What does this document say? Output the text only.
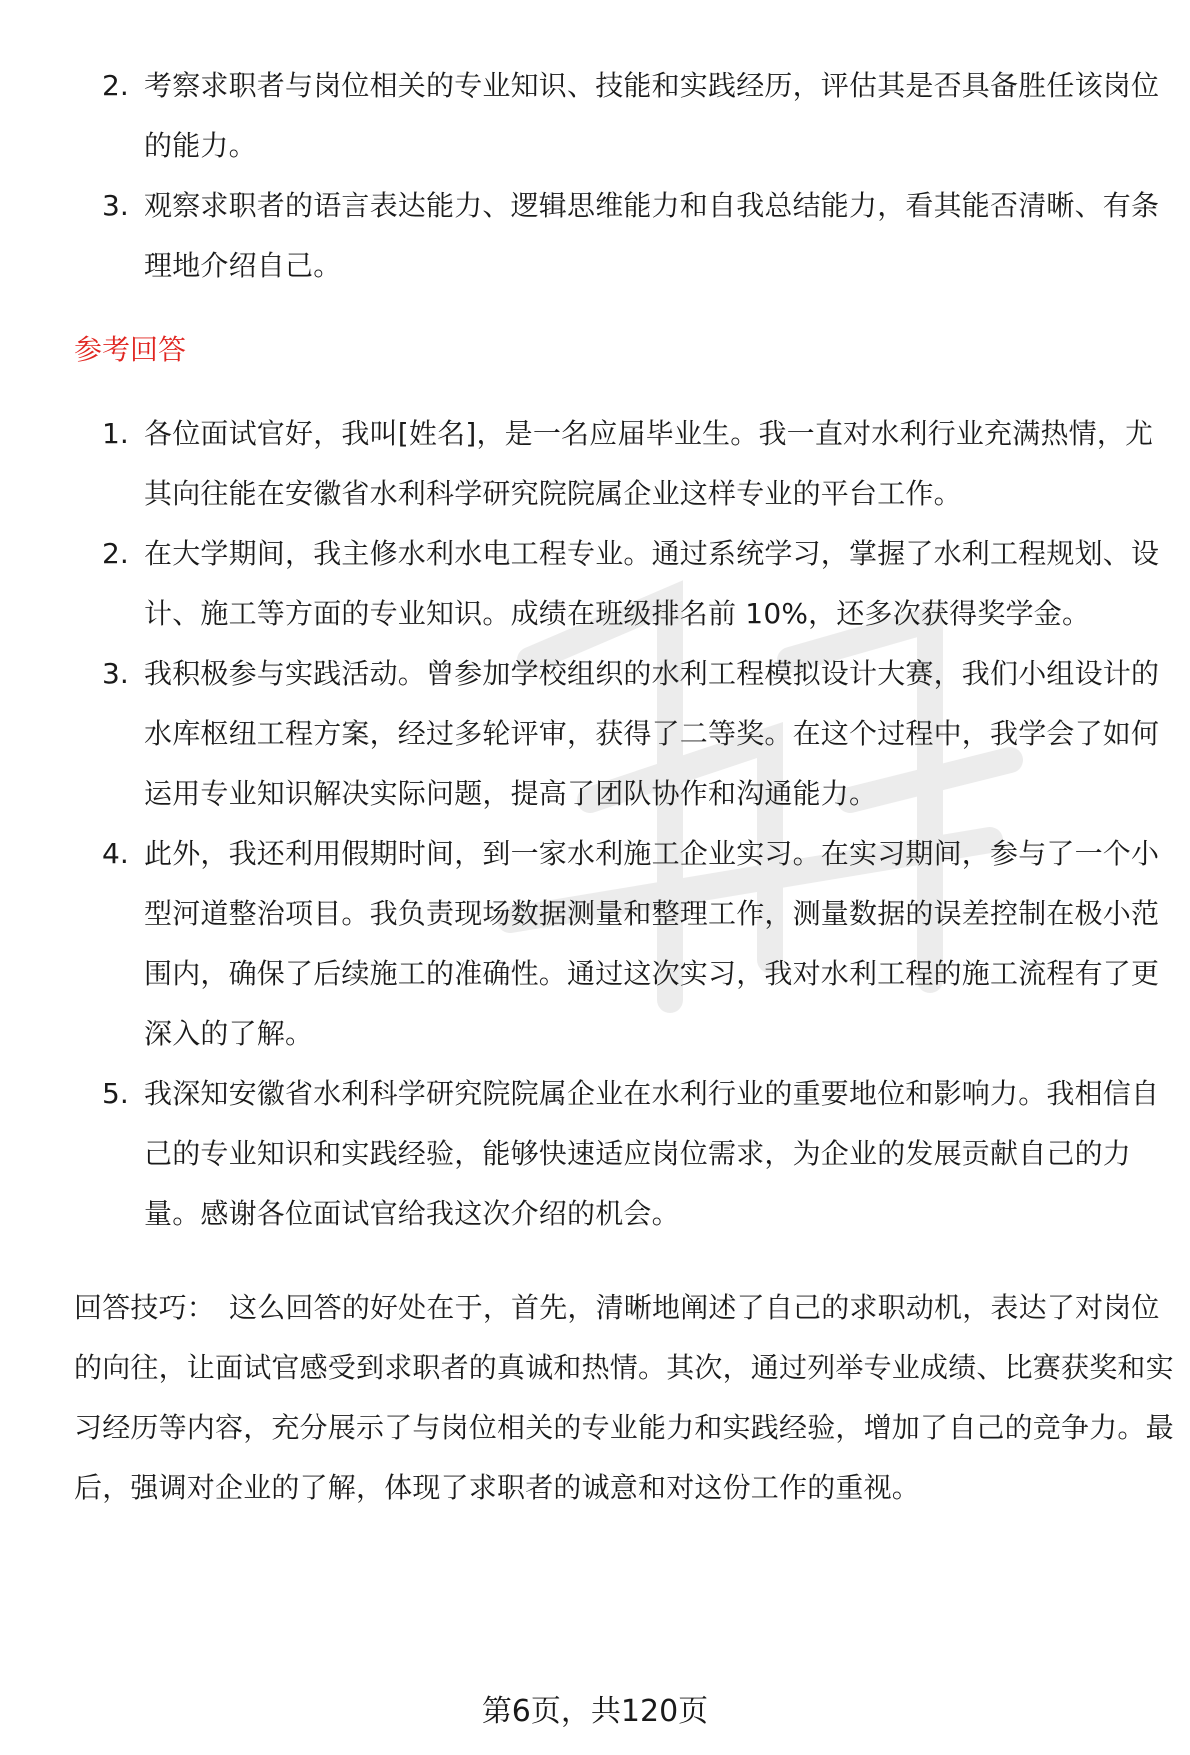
2. 考察求职者与岗位相关的专业知识、技能和实践经历，评估其是否具备胜任该岗位的能力。
3. 观察求职者的语言表达能力、逻辑思维能力和自我总结能力，看其能否清晰、有条理地介绍自己。
参考回答
1. 各位面试官好，我叫[姓名]，是一名应届毕业生。我一直对水利行业充满热情，尤其向往能在安徽省水利科学研究院院属企业这样专业的平台工作。
2. 在大学期间，我主修水利水电工程专业。通过系统学习，掌握了水利工程规划、设计、施工等方面的专业知识。成绩在班级排名前 10%，还多次获得奖学金。
3. 我积极参与实践活动。曾参加学校组织的水利工程模拟设计大赛，我们小组设计的水库枢纽工程方案，经过多轮评审，获得了二等奖。在这个过程中，我学会了如何运用专业知识解决实际问题，提高了团队协作和沟通能力。
4. 此外，我还利用假期时间，到一家水利施工企业实习。在实习期间，参与了一个小型河道整治项目。我负责现场数据测量和整理工作，测量数据的误差控制在极小范围内，确保了后续施工的准确性。通过这次实习，我对水利工程的施工流程有了更深入的了解。
5. 我深知安徽省水利科学研究院院属企业在水利行业的重要地位和影响力。我相信自己的专业知识和实践经验，能够快速适应岗位需求，为企业的发展贡献自己的力量。感谢各位面试官给我这次介绍的机会。
回答技巧： 这么回答的好处在于，首先，清晰地阐述了自己的求职动机，表达了对岗位的向往，让面试官感受到求职者的真诚和热情。其次，通过列举专业成绩、比赛获奖和实习经历等内容，充分展示了与岗位相关的专业能力和实践经验，增加了自己的竞争力。最后，强调对企业的了解，体现了求职者的诚意和对这份工作的重视。
第6页，共120页
